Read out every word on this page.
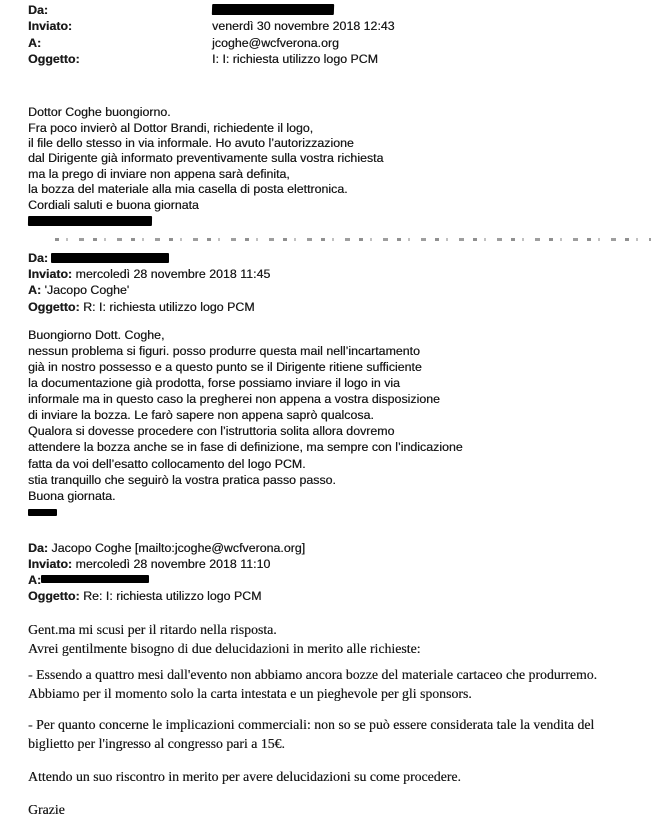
Da:
Inviato:	venerdì 30 novembre 2018 12:43
A:	jcoghe@wcfverona.org
Oggetto:	I: I: richiesta utilizzo logo PCM
Dottor Coghe buongiorno.
Fra poco invierò al Dottor Brandi, richiedente il logo,
il file dello stesso in via informale. Ho avuto l’autorizzazione
dal Dirigente già informato preventivamente sulla vostra richiesta
ma la prego di inviare non appena sarà definita,
la bozza del materiale alla mia casella di posta elettronica.
Cordiali saluti e buona giornata
Da:
Inviato: mercoledì 28 novembre 2018 11:45
A: 'Jacopo Coghe'
Oggetto: R: I: richiesta utilizzo logo PCM
Buongiorno Dott. Coghe,
nessun problema si figuri. posso produrre questa mail nell’incartamento
già in nostro possesso e a questo punto se il Dirigente ritiene sufficiente
la documentazione già prodotta, forse possiamo inviare il logo in via
informale ma in questo caso la pregherei non appena a vostra disposizione
di inviare la bozza. Le farò sapere non appena saprò qualcosa.
Qualora si dovesse procedere con l’istruttoria solita allora dovremo
attendere la bozza anche se in fase di definizione, ma sempre con l’indicazione
fatta da voi dell’esatto collocamento del logo PCM.
stia tranquillo che seguirò la vostra pratica passo passo.
Buona giornata.
Da: Jacopo Coghe [mailto:jcoghe@wcfverona.org]
Inviato: mercoledì 28 novembre 2018 11:10
A:
Oggetto: Re: I: richiesta utilizzo logo PCM
Gent.ma mi scusi per il ritardo nella risposta.
Avrei gentilmente bisogno di due delucidazioni in merito alle richieste:
- Essendo a quattro mesi dall'evento non abbiamo ancora bozze del materiale cartaceo che produrremo.
Abbiamo per il momento solo la carta intestata e un pieghevole per gli sponsors.
- Per quanto concerne le implicazioni commerciali: non so se può essere considerata tale la vendita del
biglietto per l'ingresso al congresso pari a 15€.
Attendo un suo riscontro in merito per avere delucidazioni su come procedere.
Grazie
